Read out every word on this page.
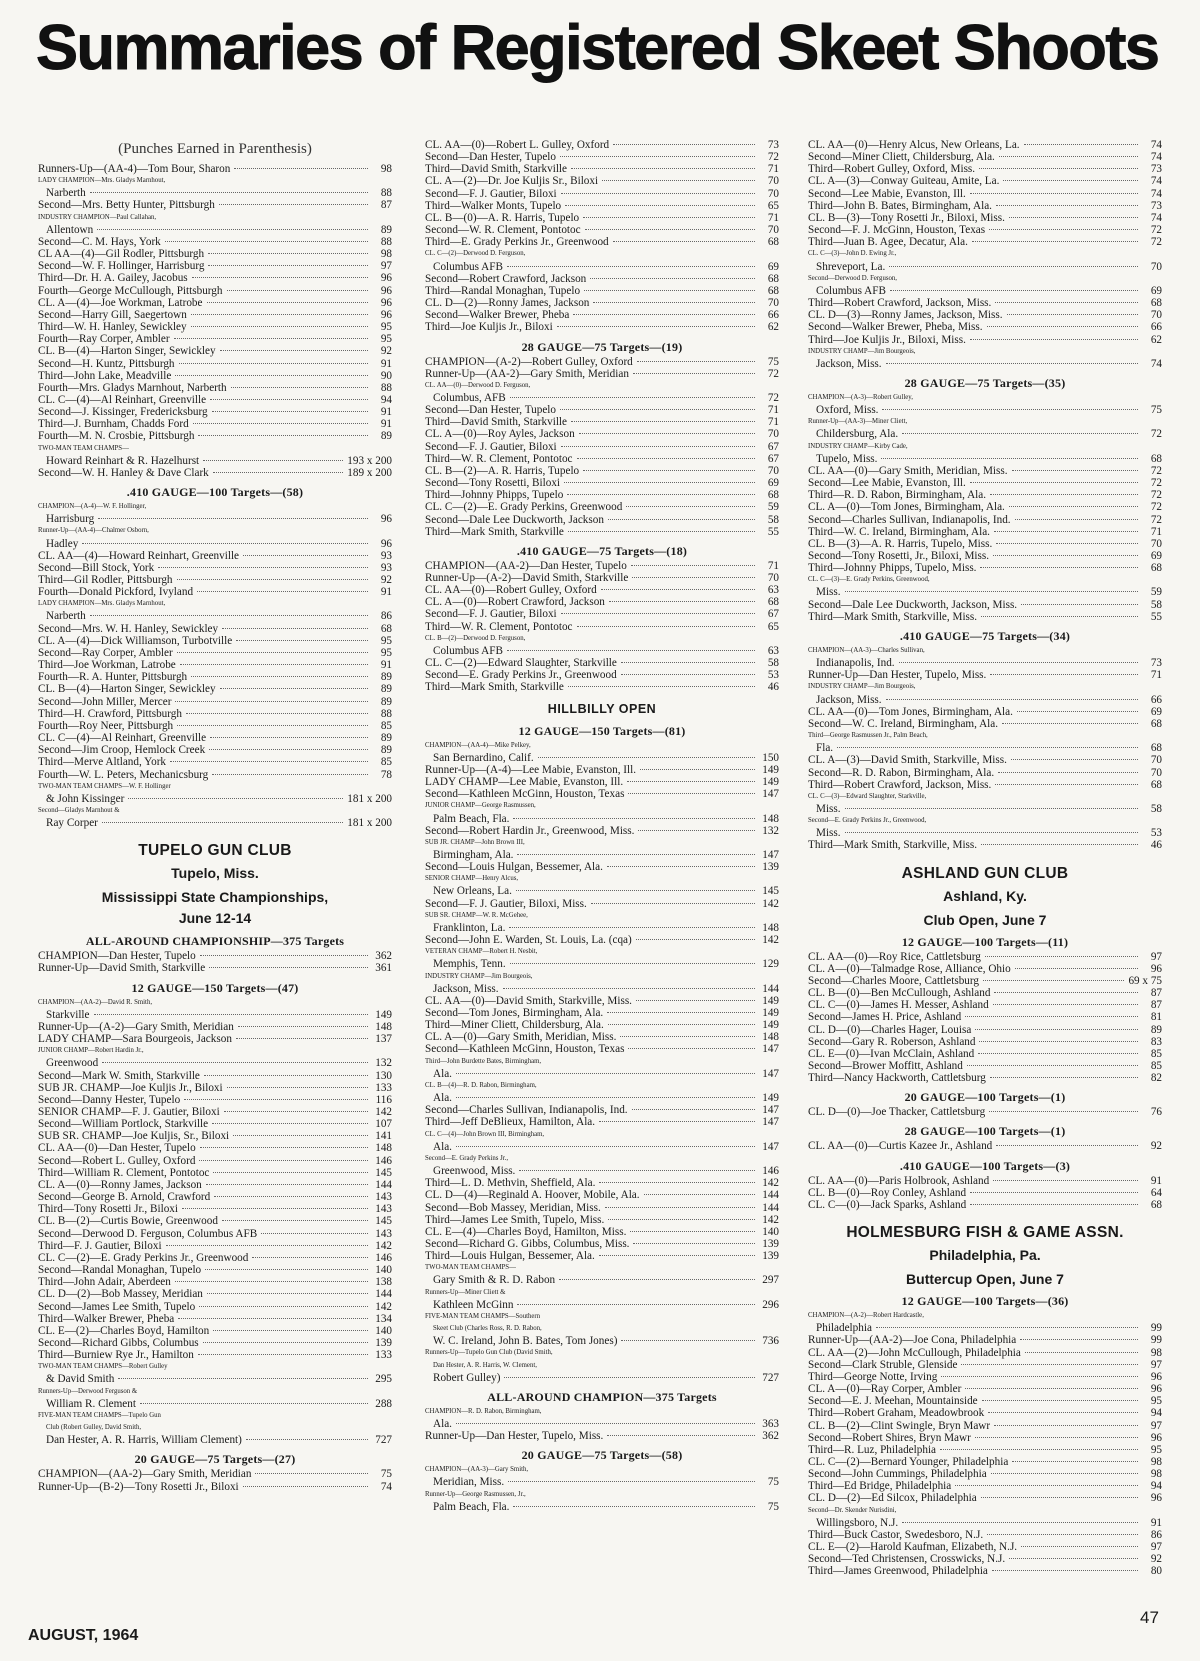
Summaries of Registered Skeet Shoots
(Punches Earned in Parenthesis)
Runners-Up—(AA-4)—Tom Bour, Sharon	98
LADY CHAMPION—Mrs. Gladys Marnhout,
Narberth	88
Second—Mrs. Betty Hunter, Pittsburgh	87
INDUSTRY CHAMPION—Paul Callahan,
Allentown	89
Second—C. M. Hays, York	88
CL AA—(4)—Gil Rodler, Pittsburgh	98
Second—W. F. Hollinger, Harrisburg	97
Third—Dr. H. A. Gailey, Jacobus	96
Fourth—George McCullough, Pittsburgh	96
CL. A—(4)—Joe Workman, Latrobe	96
Second—Harry Gill, Saegertown	96
Third—W. H. Hanley, Sewickley	95
Fourth—Ray Corper, Ambler	95
CL. B—(4)—Harton Singer, Sewickley	92
Second—H. Kuntz, Pittsburgh	91
Third—John Lake, Meadville	90
Fourth—Mrs. Gladys Marnhout, Narberth	88
CL. C—(4)—Al Reinhart, Greenville	94
Second—J. Kissinger, Fredericksburg	91
Third—J. Burnham, Chadds Ford	91
Fourth—M. N. Crosbie, Pittsburgh	89
TWO-MAN TEAM CHAMPS—
Howard Reinhart & R. Hazelhurst	193 x 200
Second—W. H. Hanley & Dave Clark	189 x 200
.410 GAUGE—100 Targets—(58)
CHAMPION—(A-4)—W. F. Hollinger,
Harrisburg	96
Runner-Up—(AA-4)—Chalmer Osborn,
Hadley	96
CL. AA—(4)—Howard Reinhart, Greenville	93
Second—Bill Stock, York	93
Third—Gil Rodler, Pittsburgh	92
Fourth—Donald Pickford, Ivyland	91
LADY CHAMPION—Mrs. Gladys Marnhout,
Narberth	86
Second—Mrs. W. H. Hanley, Sewickley	68
CL. A—(4)—Dick Williamson, Turbotville	95
Second—Ray Corper, Ambler	95
Third—Joe Workman, Latrobe	91
Fourth—R. A. Hunter, Pittsburgh	89
CL. B—(4)—Harton Singer, Sewickley	89
Second—John Miller, Mercer	89
Third—H. Crawford, Pittsburgh	88
Fourth—Roy Neer, Pittsburgh	85
CL. C—(4)—Al Reinhart, Greenville	89
Second—Jim Croop, Hemlock Creek	89
Third—Merve Altland, York	85
Fourth—W. L. Peters, Mechanicsburg	78
TWO-MAN TEAM CHAMPS—W. F. Hollinger
& John Kissinger	181 x 200
Second—Gladys Marnhout &
Ray Corper	181 x 200
TUPELO GUN CLUB
Tupelo, Miss.
Mississippi State Championships,
June 12-14
ALL-AROUND CHAMPIONSHIP—375 Targets
CHAMPION—Dan Hester, Tupelo	362
Runner-Up—David Smith, Starkville	361
12 GAUGE—150 Targets—(47)
CHAMPION—(AA-2)—David R. Smith,
Starkville	149
Runner-Up—(A-2)—Gary Smith, Meridian	148
LADY CHAMP—Sara Bourgeois, Jackson	137
JUNIOR CHAMP—Robert Hardin Jr.,
Greenwood	132
Second—Mark W. Smith, Starkville	130
SUB JR. CHAMP—Joe Kuljis Jr., Biloxi	133
Second—Danny Hester, Tupelo	116
SENIOR CHAMP—F. J. Gautier, Biloxi	142
Second—William Portlock, Starkville	107
SUB SR. CHAMP—Joe Kuljis, Sr., Biloxi	141
CL. AA—(0)—Dan Hester, Tupelo	148
Second—Robert L. Gulley, Oxford	146
Third—William R. Clement, Pontotoc	145
CL. A—(0)—Ronny James, Jackson	144
Second—George B. Arnold, Crawford	143
Third—Tony Rosetti Jr., Biloxi	143
CL. B—(2)—Curtis Bowie, Greenwood	145
Second—Derwood D. Ferguson, Columbus AFB	143
Third—F. J. Gautier, Biloxi	142
CL. C—(2)—E. Grady Perkins Jr., Greenwood	146
Second—Randal Monaghan, Tupelo	140
Third—John Adair, Aberdeen	138
CL. D—(2)—Bob Massey, Meridian	144
Second—James Lee Smith, Tupelo	142
Third—Walker Brewer, Pheba	134
CL. E—(2)—Charles Boyd, Hamilton	140
Second—Richard Gibbs, Columbus	139
Third—Burniew Rye Jr., Hamilton	133
TWO-MAN TEAM CHAMPS—Robert Gulley
& David Smith	295
Runners-Up—Derwood Ferguson &
William R. Clement	288
FIVE-MAN TEAM CHAMPS—Tupelo Gun
Club (Robert Gulley, David Smith,
Dan Hester, A. R. Harris, William Clement)	727
20 GAUGE—75 Targets—(27)
CHAMPION—(AA-2)—Gary Smith, Meridian	75
Runner-Up—(B-2)—Tony Rosetti Jr., Biloxi	74
CL. AA—(0)—Robert L. Gulley, Oxford	73
Second—Dan Hester, Tupelo	72
Third—David Smith, Starkville	71
CL. A—(2)—Dr. Joe Kuljis Sr., Biloxi	70
Second—F. J. Gautier, Biloxi	70
Third—Walker Monts, Tupelo	65
CL. B—(0)—A. R. Harris, Tupelo	71
Second—W. R. Clement, Pontotoc	70
Third—E. Grady Perkins Jr., Greenwood	68
CL. C—(2)—Derwood D. Ferguson,
Columbus AFB	69
Second—Robert Crawford, Jackson	68
Third—Randal Monaghan, Tupelo	68
CL. D—(2)—Ronny James, Jackson	70
Second—Walker Brewer, Pheba	66
Third—Joe Kuljis Jr., Biloxi	62
28 GAUGE—75 Targets—(19)
CHAMPION—(A-2)—Robert Gulley, Oxford	75
Runner-Up—(AA-2)—Gary Smith, Meridian	72
CL. AA—(0)—Derwood D. Ferguson,
Columbus, AFB	72
Second—Dan Hester, Tupelo	71
Third—David Smith, Starkville	71
CL. A—(0)—Roy Ayles, Jackson	70
Second—F. J. Gautier, Biloxi	67
Third—W. R. Clement, Pontotoc	67
CL. B—(2)—A. R. Harris, Tupelo	70
Second—Tony Rosetti, Biloxi	69
Third—Johnny Phipps, Tupelo	68
CL. C—(2)—E. Grady Perkins, Greenwood	59
Second—Dale Lee Duckworth, Jackson	58
Third—Mark Smith, Starkville	55
.410 GAUGE—75 Targets—(18)
CHAMPION—(AA-2)—Dan Hester, Tupelo	71
Runner-Up—(A-2)—David Smith, Starkville	70
CL. AA—(0)—Robert Gulley, Oxford	63
CL. A—(0)—Robert Crawford, Jackson	68
Second—F. J. Gautier, Biloxi	67
Third—W. R. Clement, Pontotoc	65
CL. B—(2)—Derwood D. Ferguson,
Columbus AFB	63
CL. C—(2)—Edward Slaughter, Starkville	58
Second—E. Grady Perkins Jr., Greenwood	53
Third—Mark Smith, Starkville	46
HILLBILLY OPEN
12 GAUGE—150 Targets—(81)
CHAMPION—(AA-4)—Mike Pelkey,
San Bernardino, Calif.	150
Runner-Up—(A-4)—Lee Mabie, Evanston, Ill.	149
LADY CHAMP—Lee Mabie, Evanston, Ill.	149
Second—Kathleen McGinn, Houston, Texas	147
JUNIOR CHAMP—George Rasmussen,
Palm Beach, Fla.	148
Second—Robert Hardin Jr., Greenwood, Miss.	132
SUB JR. CHAMP—John Brown III,
Birmingham, Ala.	147
Second—Louis Hulgan, Bessemer, Ala.	139
SENIOR CHAMP—Henry Alcus,
New Orleans, La.	145
Second—F. J. Gautier, Biloxi, Miss.	142
SUB SR. CHAMP—W. R. McGehee,
Franklinton, La.	148
Second—John E. Warden, St. Louis, La. (cqa)	142
VETERAN CHAMP—Robert H. Nesbit,
Memphis, Tenn.	129
INDUSTRY CHAMP—Jim Bourgeois,
Jackson, Miss.	144
CL. AA—(0)—David Smith, Starkville, Miss.	149
Second—Tom Jones, Birmingham, Ala.	149
Third—Miner Cliett, Childersburg, Ala.	149
CL. A—(0)—Gary Smith, Meridian, Miss.	148
Second—Kathleen McGinn, Houston, Texas	147
Third—John Burdette Bates, Birmingham,
Ala.	147
CL. B—(4)—R. D. Rabon, Birmingham,
Ala.	149
Second—Charles Sullivan, Indianapolis, Ind.	147
Third—Jeff DeBlieux, Hamilton, Ala.	147
CL. C—(4)—John Brown III, Birmingham,
Ala.	147
Second—E. Grady Perkins Jr.,
Greenwood, Miss.	146
Third—L. D. Methvin, Sheffield, Ala.	142
CL. D—(4)—Reginald A. Hoover, Mobile, Ala.	144
Second—Bob Massey, Meridian, Miss.	144
Third—James Lee Smith, Tupelo, Miss.	142
CL. E—(4)—Charles Boyd, Hamilton, Miss.	140
Second—Richard G. Gibbs, Columbus, Miss.	139
Third—Louis Hulgan, Bessemer, Ala.	139
TWO-MAN TEAM CHAMPS—
Gary Smith & R. D. Rabon	297
Runners-Up—Miner Cliett &
Kathleen McGinn	296
FIVE-MAN TEAM CHAMPS—Southern
Skeet Club (Charles Ross, R. D. Rabon,
W. C. Ireland, John B. Bates, Tom Jones)	736
Runners-Up—Tupelo Gun Club (David Smith,
Dan Hester, A. R. Harris, W. Clement,
Robert Gulley)	727
ALL-AROUND CHAMPION—375 Targets
CHAMPION—R. D. Rabon, Birmingham,
Ala.	363
Runner-Up—Dan Hester, Tupelo, Miss.	362
20 GAUGE—75 Targets—(58)
CHAMPION—(AA-3)—Gary Smith,
Meridian, Miss.	75
Runner-Up—George Rasmussen, Jr.,
Palm Beach, Fla.	75
CL. AA—(0)—Henry Alcus, New Orleans, La.	74
Second—Miner Cliett, Childersburg, Ala.	74
Third—Robert Gulley, Oxford, Miss.	73
CL. A—(3)—Conway Guiteau, Amite, La.	74
Second—Lee Mabie, Evanston, Ill.	74
Third—John B. Bates, Birmingham, Ala.	73
CL. B—(3)—Tony Rosetti Jr., Biloxi, Miss.	74
Second—F. J. McGinn, Houston, Texas	72
Third—Juan B. Agee, Decatur, Ala.	72
CL. C—(3)—John D. Ewing Jr.,
Shreveport, La.	70
Second—Derwood D. Ferguson,
Columbus AFB	69
Third—Robert Crawford, Jackson, Miss.	68
CL. D—(3)—Ronny James, Jackson, Miss.	70
Second—Walker Brewer, Pheba, Miss.	66
Third—Joe Kuljis Jr., Biloxi, Miss.	62
INDUSTRY CHAMP—Jim Bourgeois,
Jackson, Miss.	74
28 GAUGE—75 Targets—(35)
CHAMPION—(A-3)—Robert Gulley,
Oxford, Miss.	75
Runner-Up—(AA-3)—Miner Cliett,
Childersburg, Ala.	72
INDUSTRY CHAMP—Kirby Cade,
Tupelo, Miss.	68
CL. AA—(0)—Gary Smith, Meridian, Miss.	72
Second—Lee Mabie, Evanston, Ill.	72
Third—R. D. Rabon, Birmingham, Ala.	72
CL. A—(0)—Tom Jones, Birmingham, Ala.	72
Second—Charles Sullivan, Indianapolis, Ind.	72
Third—W. C. Ireland, Birmingham, Ala.	71
CL. B—(3)—A. R. Harris, Tupelo, Miss.	70
Second—Tony Rosetti, Jr., Biloxi, Miss.	69
Third—Johnny Phipps, Tupelo, Miss.	68
CL. C—(3)—E. Grady Perkins, Greenwood,
Miss.	59
Second—Dale Lee Duckworth, Jackson, Miss.	58
Third—Mark Smith, Starkville, Miss.	55
.410 GAUGE—75 Targets—(34)
CHAMPION—(AA-3)—Charles Sullivan,
Indianapolis, Ind.	73
Runner-Up—Dan Hester, Tupelo, Miss.	71
INDUSTRY CHAMP—Jim Bourgeois,
Jackson, Miss.	66
CL. AA—(0)—Tom Jones, Birmingham, Ala.	69
Second—W. C. Ireland, Birmingham, Ala.	68
Third—George Rasmussen Jr., Palm Beach,
Fla.	68
CL. A—(3)—David Smith, Starkville, Miss.	70
Second—R. D. Rabon, Birmingham, Ala.	70
Third—Robert Crawford, Jackson, Miss.	68
CL. C—(3)—Edward Slaughter, Starkville,
Miss.	58
Second—E. Grady Perkins Jr., Greenwood,
Miss.	53
Third—Mark Smith, Starkville, Miss.	46
ASHLAND GUN CLUB
Ashland, Ky.
Club Open, June 7
12 GAUGE—100 Targets—(11)
CL. AA—(0)—Roy Rice, Cattletsburg	97
CL. A—(0)—Talmadge Rose, Alliance, Ohio	96
Second—Charles Moore, Cattletsburg	69 x 75
CL. B—(0)—Ben McCullough, Ashland	87
CL. C—(0)—James H. Messer, Ashland	87
Second—James H. Price, Ashland	81
CL. D—(0)—Charles Hager, Louisa	89
Second—Gary R. Roberson, Ashland	83
CL. E—(0)—Ivan McClain, Ashland	85
Second—Brower Moffitt, Ashland	85
Third—Nancy Hackworth, Cattletsburg	82
20 GAUGE—100 Targets—(1)
CL. D—(0)—Joe Thacker, Cattletsburg	76
28 GAUGE—100 Targets—(1)
CL. AA—(0)—Curtis Kazee Jr., Ashland	92
.410 GAUGE—100 Targets—(3)
CL. AA—(0)—Paris Holbrook, Ashland	91
CL. B—(0)—Roy Conley, Ashland	64
CL. C—(0)—Jack Sparks, Ashland	68
HOLMESBURG FISH & GAME ASSN.
Philadelphia, Pa.
Buttercup Open, June 7
12 GAUGE—100 Targets—(36)
CHAMPION—(A-2)—Robert Hardcastle,
Philadelphia	99
Runner-Up—(AA-2)—Joe Cona, Philadelphia	99
CL. AA—(2)—John McCullough, Philadelphia	98
Second—Clark Struble, Glenside	97
Third—George Notte, Irving	96
CL. A—(0)—Ray Corper, Ambler	96
Second—E. J. Meehan, Mountainside	95
Third—Robert Graham, Meadowbrook	94
CL. B—(2)—Clint Swingle, Bryn Mawr	97
Second—Robert Shires, Bryn Mawr	96
Third—R. Luz, Philadelphia	95
CL. C—(2)—Bernard Younger, Philadelphia	98
Second—John Cummings, Philadelphia	98
Third—Ed Bridge, Philadelphia	94
CL. D—(2)—Ed Silcox, Philadelphia	96
Second—Dr. Skender Nurisdini,
Willingsboro, N.J.	91
Third—Buck Castor, Swedesboro, N.J.	86
CL. E—(2)—Harold Kaufman, Elizabeth, N.J.	97
Second—Ted Christensen, Crosswicks, N.J.	92
Third—James Greenwood, Philadelphia	80
AUGUST, 1964
47
